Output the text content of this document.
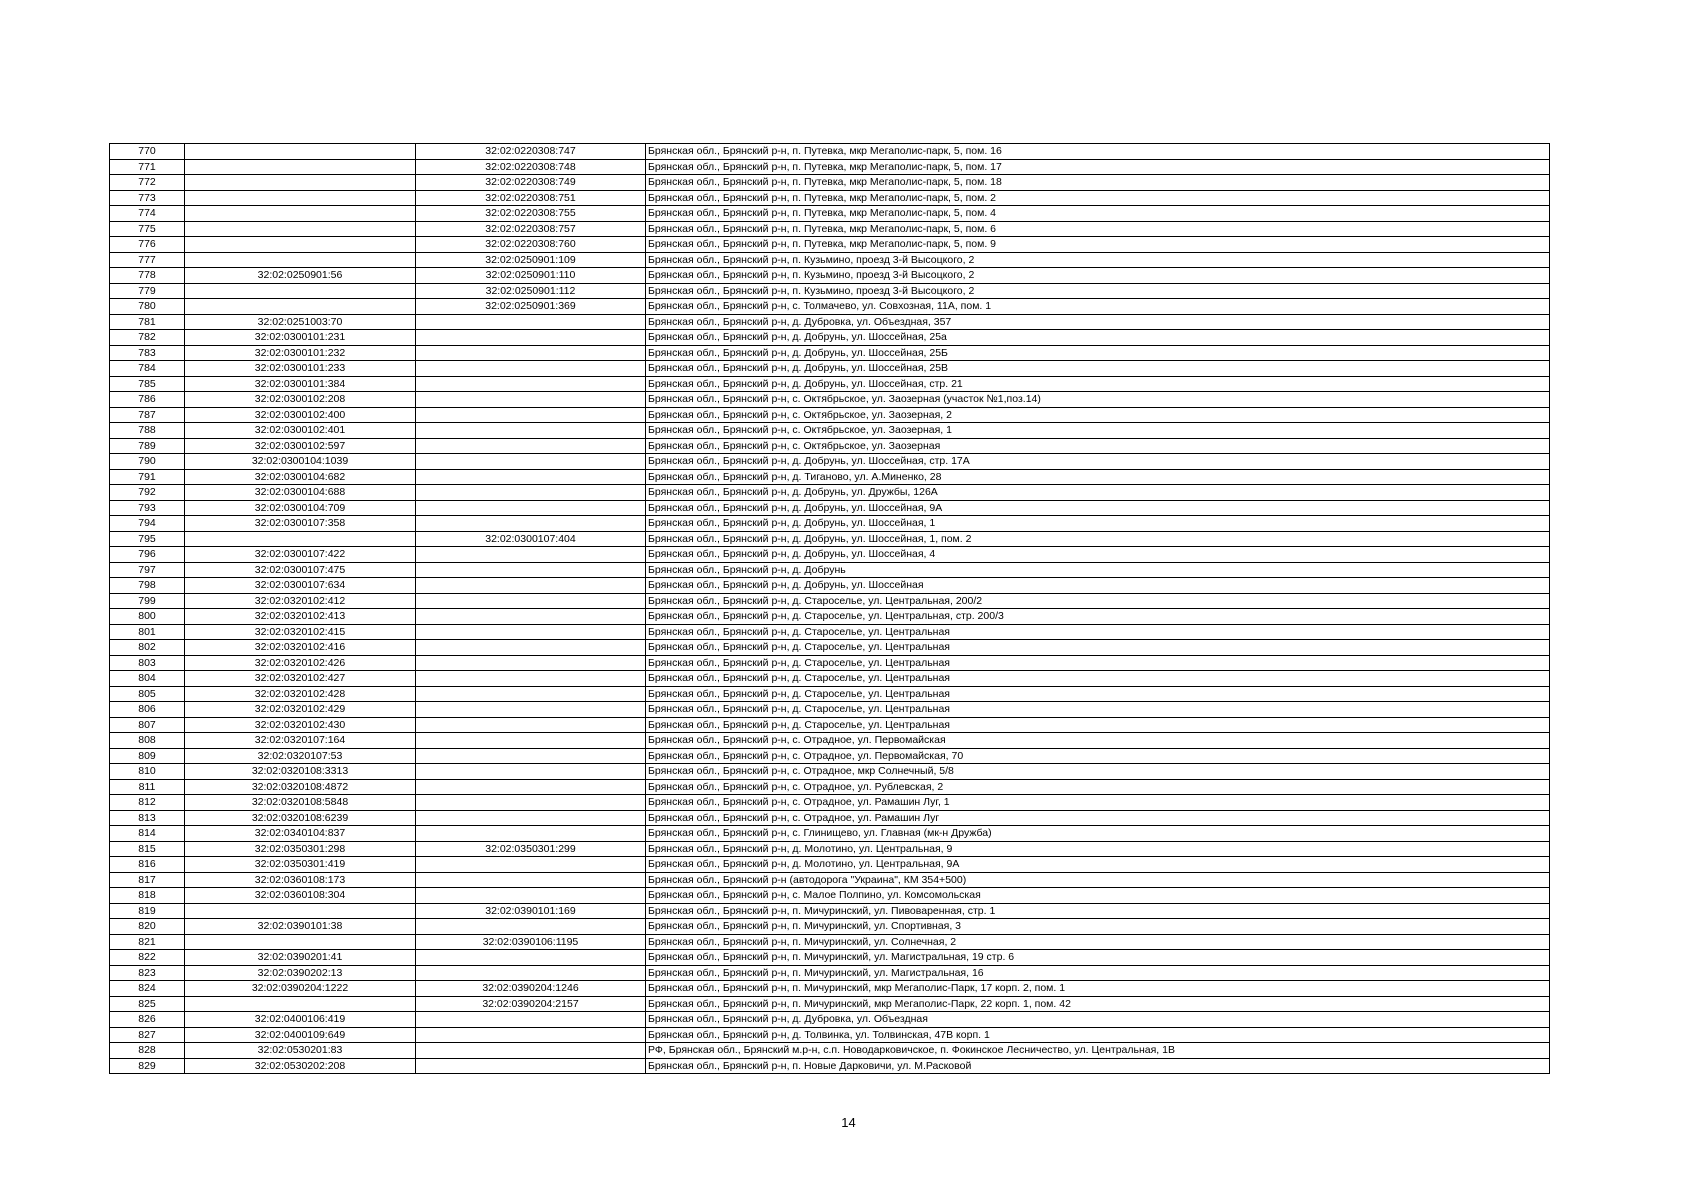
770		32:02:0220308:747	Брянская обл., Брянский р-н, п. Путевка, мкр Мегаполис-парк, 5, пом. 16
771		32:02:0220308:748	Брянская обл., Брянский р-н, п. Путевка, мкр Мегаполис-парк, 5, пом. 17
772		32:02:0220308:749	Брянская обл., Брянский р-н, п. Путевка, мкр Мегаполис-парк, 5, пом. 18
773		32:02:0220308:751	Брянская обл., Брянский р-н, п. Путевка, мкр Мегаполис-парк, 5, пом. 2
774		32:02:0220308:755	Брянская обл., Брянский р-н, п. Путевка, мкр Мегаполис-парк, 5, пом. 4
775		32:02:0220308:757	Брянская обл., Брянский р-н, п. Путевка, мкр Мегаполис-парк, 5, пом. 6
776		32:02:0220308:760	Брянская обл., Брянский р-н, п. Путевка, мкр Мегаполис-парк, 5, пом. 9
777		32:02:0250901:109	Брянская обл., Брянский р-н, п. Кузьмино, проезд 3-й Высоцкого, 2
778	32:02:0250901:56	32:02:0250901:110	Брянская обл., Брянский р-н, п. Кузьмино, проезд 3-й Высоцкого, 2
779		32:02:0250901:112	Брянская обл., Брянский р-н, п. Кузьмино, проезд 3-й Высоцкого, 2
780		32:02:0250901:369	Брянская обл., Брянский р-н, с. Толмачево, ул. Совхозная, 11А, пом. 1
781	32:02:0251003:70		Брянская обл., Брянский р-н, д. Дубровка, ул. Объездная, 357
782	32:02:0300101:231		Брянская обл., Брянский р-н, д. Добрунь, ул. Шоссейная, 25а
783	32:02:0300101:232		Брянская обл., Брянский р-н, д. Добрунь, ул. Шоссейная, 25Б
784	32:02:0300101:233		Брянская обл., Брянский р-н, д. Добрунь, ул. Шоссейная, 25В
785	32:02:0300101:384		Брянская обл., Брянский р-н, д. Добрунь, ул. Шоссейная, стр. 21
786	32:02:0300102:208		Брянская обл., Брянский р-н, с. Октябрьское, ул. Заозерная (участок №1,поз.14)
787	32:02:0300102:400		Брянская обл., Брянский р-н, с. Октябрьское, ул. Заозерная, 2
788	32:02:0300102:401		Брянская обл., Брянский р-н, с. Октябрьское, ул. Заозерная, 1
789	32:02:0300102:597		Брянская обл., Брянский р-н, с. Октябрьское, ул. Заозерная
790	32:02:0300104:1039		Брянская обл., Брянский р-н, д. Добрунь, ул. Шоссейная, стр. 17А
791	32:02:0300104:682		Брянская обл., Брянский р-н, д. Тиганово, ул. А.Миненко, 28
792	32:02:0300104:688		Брянская обл., Брянский р-н, д. Добрунь, ул. Дружбы, 126А
793	32:02:0300104:709		Брянская обл., Брянский р-н, д. Добрунь, ул. Шоссейная, 9А
794	32:02:0300107:358		Брянская обл., Брянский р-н, д. Добрунь, ул. Шоссейная, 1
795		32:02:0300107:404	Брянская обл., Брянский р-н, д. Добрунь, ул. Шоссейная, 1, пом. 2
796	32:02:0300107:422		Брянская обл., Брянский р-н, д. Добрунь, ул. Шоссейная, 4
797	32:02:0300107:475		Брянская обл., Брянский р-н, д. Добрунь
798	32:02:0300107:634		Брянская обл., Брянский р-н, д. Добрунь, ул. Шоссейная
799	32:02:0320102:412		Брянская обл., Брянский р-н, д. Староселье, ул. Центральная, 200/2
800	32:02:0320102:413		Брянская обл., Брянский р-н, д. Староселье, ул. Центральная, стр. 200/3
801	32:02:0320102:415		Брянская обл., Брянский р-н, д. Староселье, ул. Центральная
802	32:02:0320102:416		Брянская обл., Брянский р-н, д. Староселье, ул. Центральная
803	32:02:0320102:426		Брянская обл., Брянский р-н, д. Староселье, ул. Центральная
804	32:02:0320102:427		Брянская обл., Брянский р-н, д. Староселье, ул. Центральная
805	32:02:0320102:428		Брянская обл., Брянский р-н, д. Староселье, ул. Центральная
806	32:02:0320102:429		Брянская обл., Брянский р-н, д. Староселье, ул. Центральная
807	32:02:0320102:430		Брянская обл., Брянский р-н, д. Староселье, ул. Центральная
808	32:02:0320107:164		Брянская обл., Брянский р-н, с. Отрадное, ул. Первомайская
809	32:02:0320107:53		Брянская обл., Брянский р-н, с. Отрадное, ул. Первомайская, 70
810	32:02:0320108:3313		Брянская обл., Брянский р-н, с. Отрадное, мкр Солнечный, 5/8
811	32:02:0320108:4872		Брянская обл., Брянский р-н, с. Отрадное, ул. Рублевская, 2
812	32:02:0320108:5848		Брянская обл., Брянский р-н, с. Отрадное, ул. Рамашин Луг, 1
813	32:02:0320108:6239		Брянская обл., Брянский р-н, с. Отрадное, ул. Рамашин Луг
814	32:02:0340104:837		Брянская обл., Брянский р-н, с. Глинищево, ул. Главная (мк-н Дружба)
815	32:02:0350301:298	32:02:0350301:299	Брянская обл., Брянский р-н, д. Молотино, ул. Центральная, 9
816	32:02:0350301:419		Брянская обл., Брянский р-н, д. Молотино, ул. Центральная, 9А
817	32:02:0360108:173		Брянская обл., Брянский р-н (автодорога "Украина", КМ 354+500)
818	32:02:0360108:304		Брянская обл., Брянский р-н, с. Малое Полпино, ул. Комсомольская
819		32:02:0390101:169	Брянская обл., Брянский р-н, п. Мичуринский, ул. Пивоваренная, стр. 1
820	32:02:0390101:38		Брянская обл., Брянский р-н, п. Мичуринский, ул. Спортивная, 3
821		32:02:0390106:1195	Брянская обл., Брянский р-н, п. Мичуринский, ул. Солнечная, 2
822	32:02:0390201:41		Брянская обл., Брянский р-н, п. Мичуринский, ул. Магистральная, 19 стр. 6
823	32:02:0390202:13		Брянская обл., Брянский р-н, п. Мичуринский, ул. Магистральная, 16
824	32:02:0390204:1222	32:02:0390204:1246	Брянская обл., Брянский р-н, п. Мичуринский, мкр Мегаполис-Парк, 17 корп. 2, пом. 1
825		32:02:0390204:2157	Брянская обл., Брянский р-н, п. Мичуринский, мкр Мегаполис-Парк, 22 корп. 1, пом. 42
826	32:02:0400106:419		Брянская обл., Брянский р-н, д. Дубровка, ул. Объездная
827	32:02:0400109:649		Брянская обл., Брянский р-н, д. Толвинка, ул. Толвинская, 47В корп. 1
828	32:02:0530201:83		РФ, Брянская обл., Брянский м.р-н, с.п. Новодарковичское, п. Фокинское Лесничество, ул. Центральная, 1В
829	32:02:0530202:208		Брянская обл., Брянский р-н, п. Новые Дарковичи, ул. М.Расковой
14
